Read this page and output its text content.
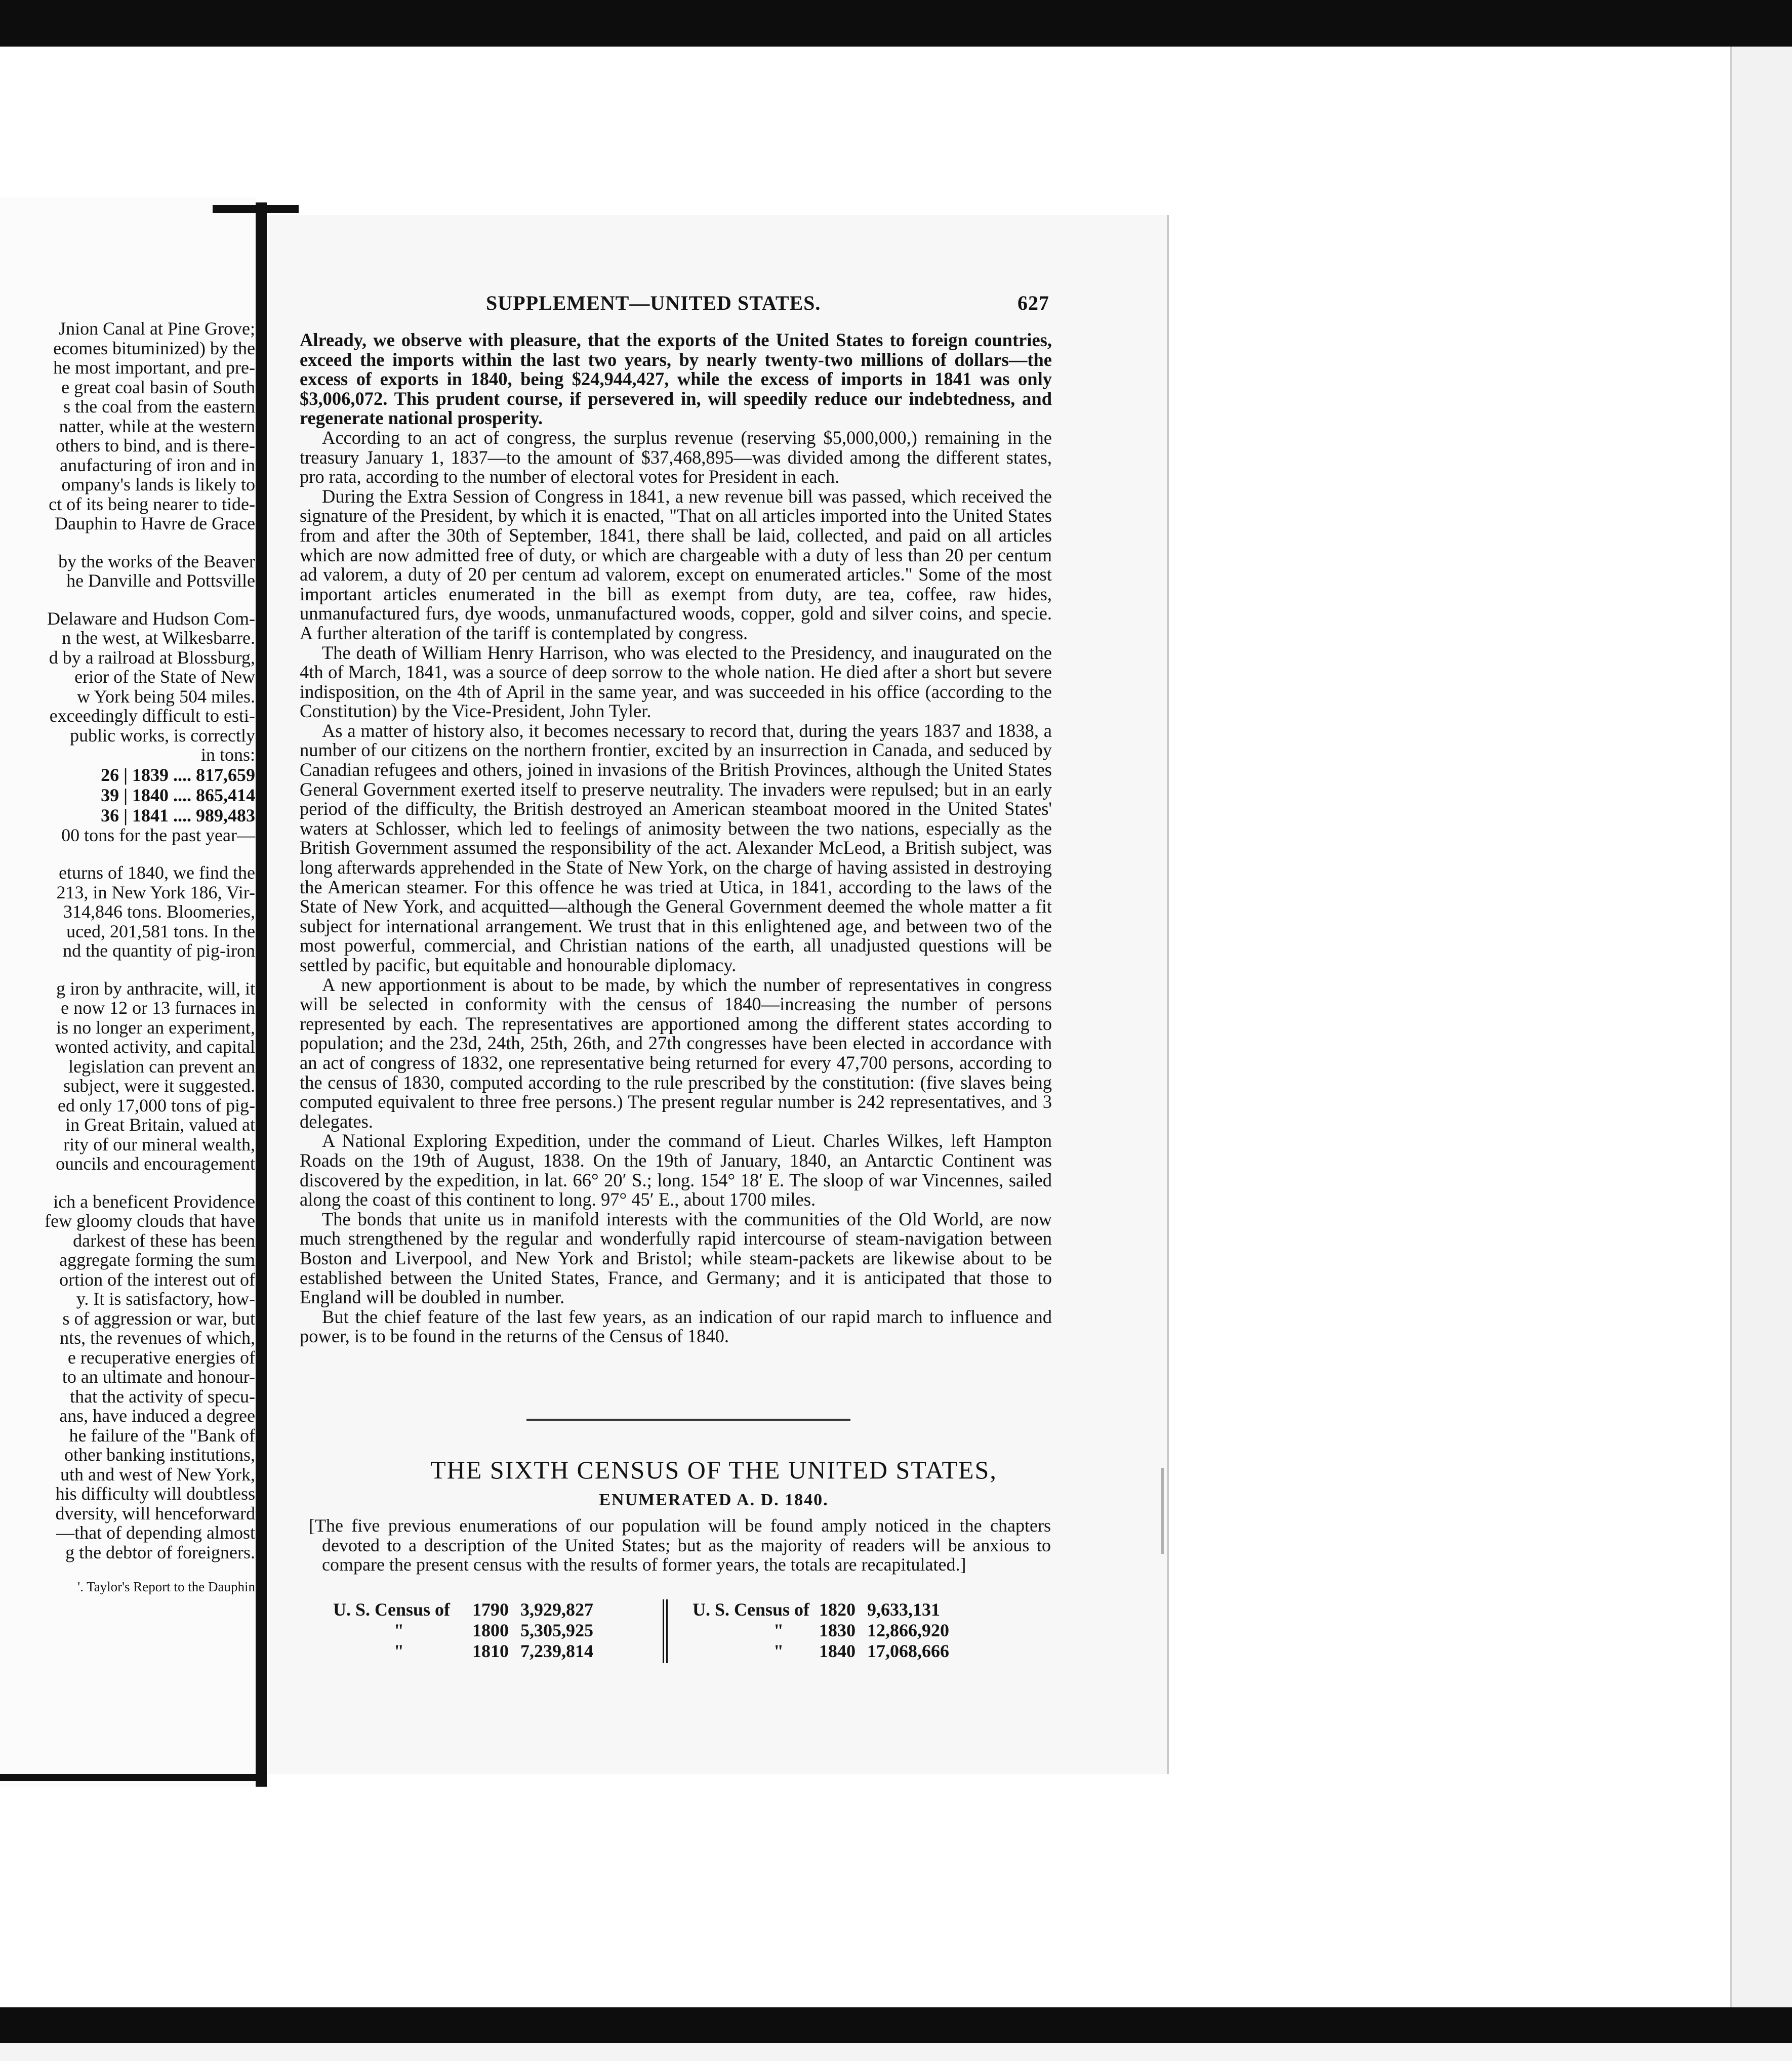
Jnion Canal at Pine Grove;

ecomes bituminized) by the

he most important, and pre-

e great coal basin of South

s the coal from the eastern

natter, while at the western

others to bind, and is there-

anufacturing of iron and in

ompany's lands is likely to

ct of its being nearer to tide-

Dauphin to Havre de Grace

by the works of the Beaver

he Danville and Pottsville

Delaware and Hudson Com-

n the west, at Wilkesbarre.

d by a railroad at Blossburg,

erior of the State of New

w York being 504 miles.

exceedingly difficult to esti-

public works, is correctly

in tons:

26 | 1839 .... 817,659

39 | 1840 .... 865,414

36 | 1841 .... 989,483

00 tons for the past year—

eturns of 1840, we find the

213, in New York 186, Vir-

314,846 tons. Bloomeries,

uced, 201,581 tons. In the

nd the quantity of pig-iron

g iron by anthracite, will, it

e now 12 or 13 furnaces in

is no longer an experiment,

wonted activity, and capital

legislation can prevent an

subject, were it suggested.

ed only 17,000 tons of pig-

in Great Britain, valued at

rity of our mineral wealth,

ouncils and encouragement

ich a beneficent Providence

few gloomy clouds that have

darkest of these has been

aggregate forming the sum

ortion of the interest out of

y. It is satisfactory, how-

s of aggression or war, but

nts, the revenues of which,

e recuperative energies of

to an ultimate and honour-

that the activity of specu-

ans, have induced a degree

he failure of the "Bank of

other banking institutions,

uth and west of New York,

his difficulty will doubtless

dversity, will henceforward

—that of depending almost

g the debtor of foreigners.

'. Taylor's Report to the Dauphin

SUPPLEMENT—UNITED STATES.	627

Already, we observe with pleasure, that the exports of the United States to foreign countries, exceed the imports within the last two years, by nearly twenty-two millions of dollars—the excess of exports in 1840, being $24,944,427, while the excess of imports in 1841 was only $3,006,072. This prudent course, if persevered in, will speedily reduce our indebtedness, and regenerate national prosperity.

According to an act of congress, the surplus revenue (reserving $5,000,000,) remaining in the treasury January 1, 1837—to the amount of $37,468,895—was divided among the different states, pro rata, according to the number of electoral votes for President in each.

During the Extra Session of Congress in 1841, a new revenue bill was passed, which received the signature of the President, by which it is enacted, "That on all articles imported into the United States from and after the 30th of September, 1841, there shall be laid, collected, and paid on all articles which are now admitted free of duty, or which are chargeable with a duty of less than 20 per centum ad valorem, a duty of 20 per centum ad valorem, except on enumerated articles." Some of the most important articles enumerated in the bill as exempt from duty, are tea, coffee, raw hides, unmanufactured furs, dye woods, unmanufactured woods, copper, gold and silver coins, and specie. A further alteration of the tariff is contemplated by congress.

The death of William Henry Harrison, who was elected to the Presidency, and inaugurated on the 4th of March, 1841, was a source of deep sorrow to the whole nation. He died after a short but severe indisposition, on the 4th of April in the same year, and was succeeded in his office (according to the Constitution) by the Vice-President, John Tyler.

As a matter of history also, it becomes necessary to record that, during the years 1837 and 1838, a number of our citizens on the northern frontier, excited by an insurrection in Canada, and seduced by Canadian refugees and others, joined in invasions of the British Provinces, although the United States General Government exerted itself to preserve neutrality. The invaders were repulsed; but in an early period of the difficulty, the British destroyed an American steamboat moored in the United States' waters at Schlosser, which led to feelings of animosity between the two nations, especially as the British Government assumed the responsibility of the act. Alexander McLeod, a British subject, was long afterwards apprehended in the State of New York, on the charge of having assisted in destroying the American steamer. For this offence he was tried at Utica, in 1841, according to the laws of the State of New York, and acquitted—although the General Government deemed the whole matter a fit subject for international arrangement. We trust that in this enlightened age, and between two of the most powerful, commercial, and Christian nations of the earth, all unadjusted questions will be settled by pacific, but equitable and honourable diplomacy.

A new apportionment is about to be made, by which the number of representatives in congress will be selected in conformity with the census of 1840—increasing the number of persons represented by each. The representatives are apportioned among the different states according to population; and the 23d, 24th, 25th, 26th, and 27th congresses have been elected in accordance with an act of congress of 1832, one representative being returned for every 47,700 persons, according to the census of 1830, computed according to the rule prescribed by the constitution: (five slaves being computed equivalent to three free persons.) The present regular number is 242 representatives, and 3 delegates.

A National Exploring Expedition, under the command of Lieut. Charles Wilkes, left Hampton Roads on the 19th of August, 1838. On the 19th of January, 1840, an Antarctic Continent was discovered by the expedition, in lat. 66° 20′ S.; long. 154° 18′ E. The sloop of war Vincennes, sailed along the coast of this continent to long. 97° 45′ E., about 1700 miles.

The bonds that unite us in manifold interests with the communities of the Old World, are now much strengthened by the regular and wonderfully rapid intercourse of steam-navigation between Boston and Liverpool, and New York and Bristol; while steam-packets are likewise about to be established between the United States, France, and Germany; and it is anticipated that those to England will be doubled in number.

But the chief feature of the last few years, as an indication of our rapid march to influence and power, is to be found in the returns of the Census of 1840.

THE SIXTH CENSUS OF THE UNITED STATES,
ENUMERATED A. D. 1840.
[The five previous enumerations of our population will be found amply noticed in the chapters devoted to a description of the United States; but as the majority of readers will be anxious to compare the present census with the results of former years, the totals are recapitulated.]
U. S. Census of	1790 3,929,827	U. S. Census of 1820 9,633,131
"	1800 5,305,925	"	1830 12,866,920
"	1810 7,239,814	"	1840 17,068,666
